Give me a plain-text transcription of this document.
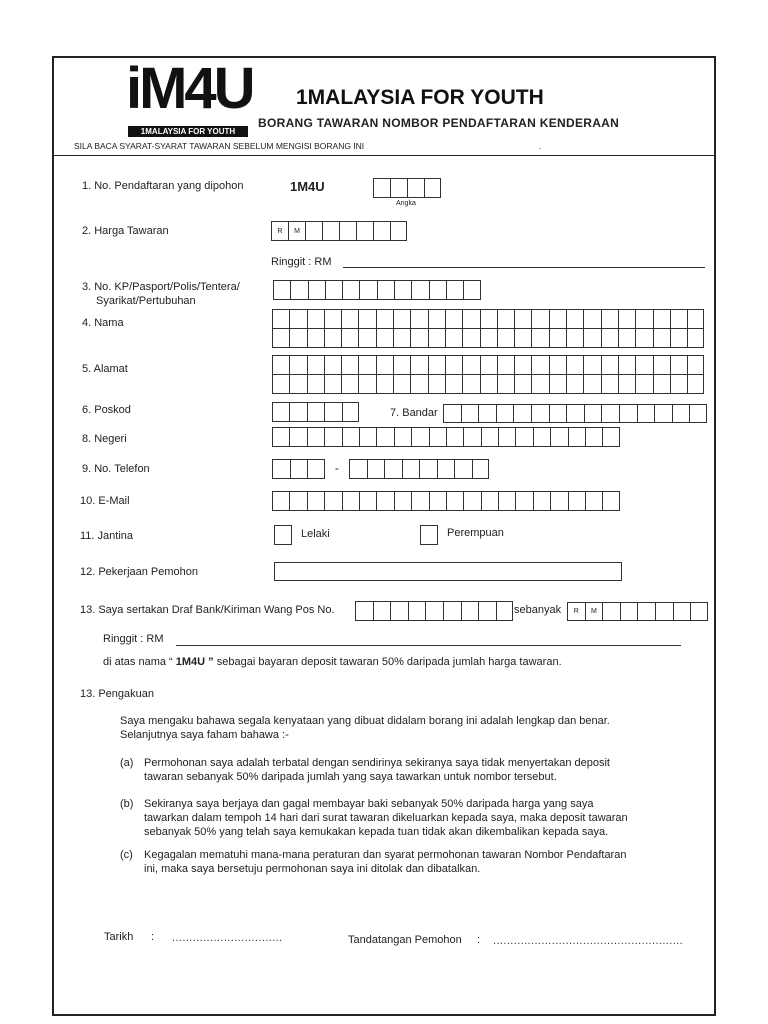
iM4U
1MALAYSIA FOR YOUTH
1MALAYSIA FOR YOUTH
BORANG TAWARAN NOMBOR PENDAFTARAN KENDERAAN
SILA BACA SYARAT-SYARAT TAWARAN SEBELUM MENGISI BORANG INI	.
1. No. Pendaftaran yang dipohon	1M4U
Angka
2. Harga Tawaran	R	M
Ringgit : RM
3. No. KP/Pasport/Polis/Tentera/
Syarikat/Pertubuhan
4. Nama
5. Alamat
6. Poskod	7. Bandar
8. Negeri
9. No. Telefon	-
10. E-Mail
11. Jantina	Lelaki	Perempuan
12. Pekerjaan Pemohon
13. Saya sertakan Draf Bank/Kiriman Wang Pos No.	sebanyak	R	M
Ringgit : RM
di atas nama “ 1M4U ” sebagai bayaran deposit tawaran 50% daripada jumlah harga tawaran.
13. Pengakuan
Saya mengaku bahawa segala kenyataan yang dibuat didalam borang ini adalah lengkap dan benar.
Selanjutnya saya faham bahawa :-
(a) Permohonan saya adalah terbatal dengan sendirinya sekiranya saya tidak menyertakan deposit
tawaran sebanyak 50% daripada jumlah yang saya tawarkan untuk nombor tersebut.
(b) Sekiranya saya berjaya dan gagal membayar baki sebanyak 50% daripada harga yang saya
tawarkan dalam tempoh 14 hari dari surat tawaran dikeluarkan kepada saya, maka deposit tawaran
sebanyak 50% yang telah saya kemukakan kepada tuan tidak akan dikembalikan kepada saya.
(c) Kegagalan mematuhi mana-mana peraturan dan syarat permohonan tawaran Nombor Pendaftaran
ini, maka saya bersetuju permohonan saya ini ditolak dan dibatalkan.
Tarikh : ................................	Tandatangan Pemohon : .......................................................
